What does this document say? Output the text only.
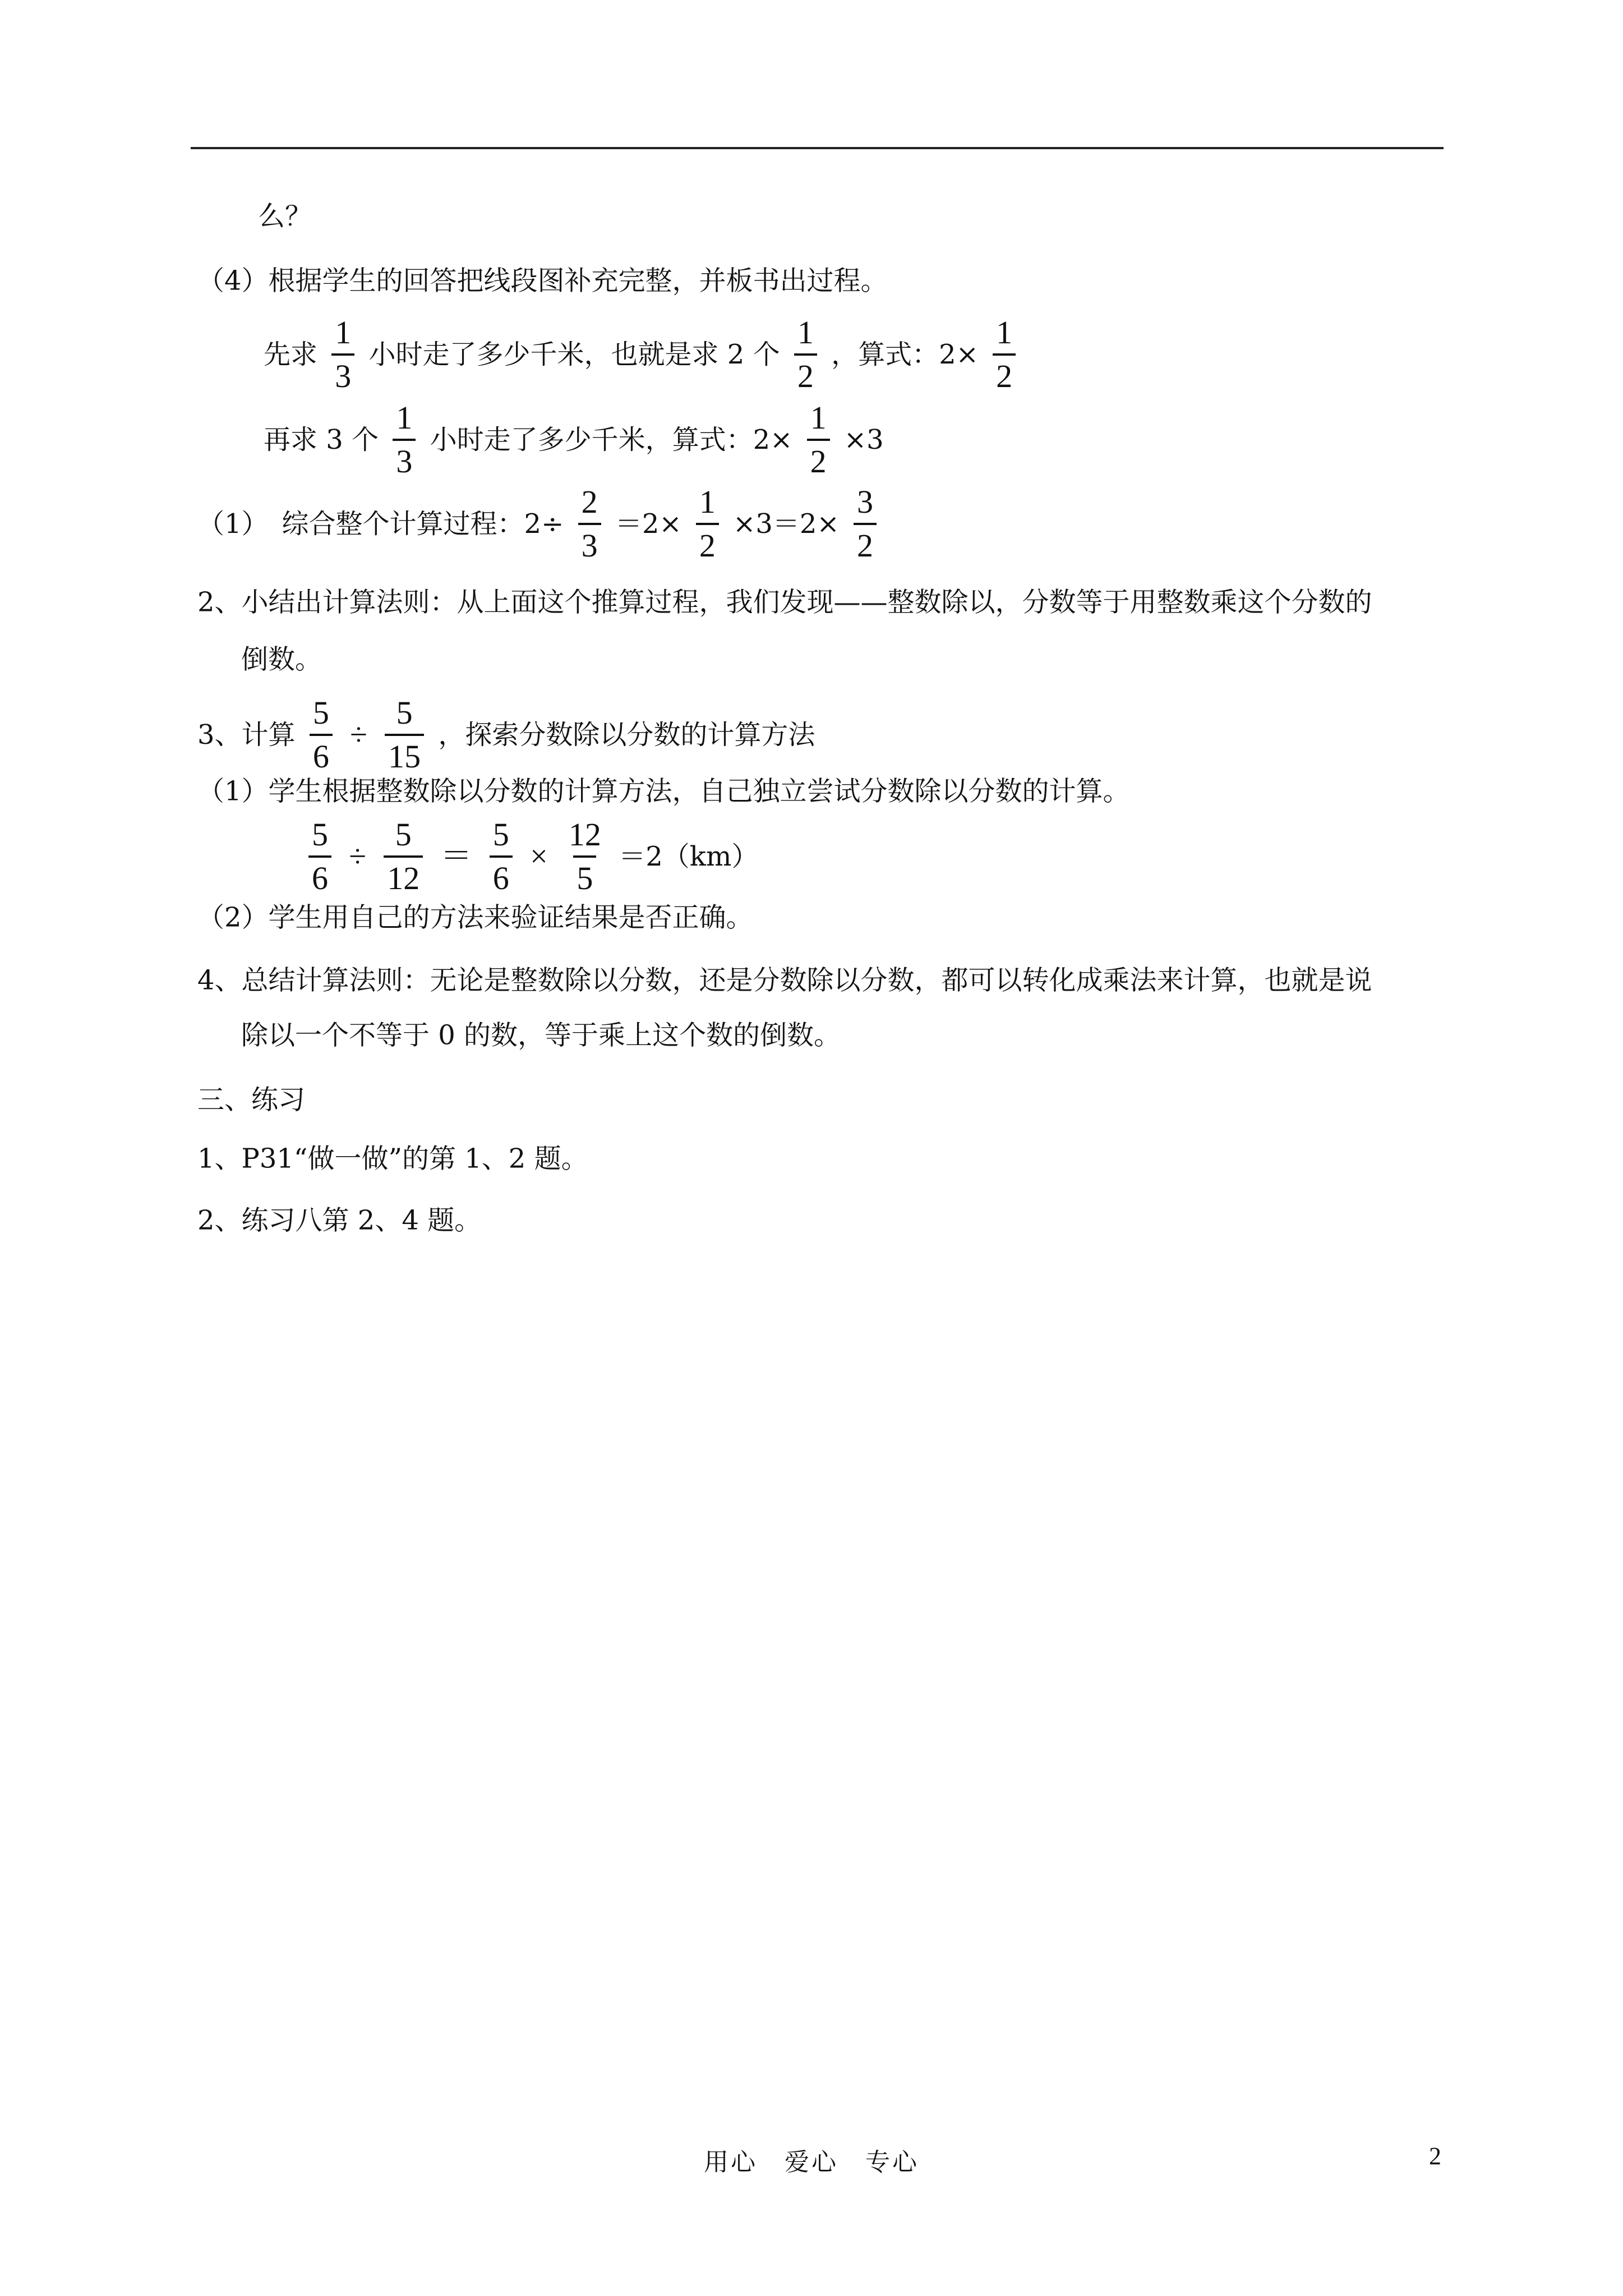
么？
（4）根据学生的回答把线段图补充完整，并板书出过程。
先求 $\frac{1}{3}$ 小时走了多少千米，也就是求 2 个 $\frac{1}{2}$ ，算式：$2\times \frac{1}{2}$
再求 3 个 $\frac{1}{3}$ 小时走了多少千米，算式：$2\times \frac{1}{2} \times 3$
（1）　综合整个计算过程：$2\div \frac{2}{3} =2\times \frac{1}{2} \times 3=2\times \frac{3}{2}$
2、小结出计算法则：从上面这个推算过程，我们发现——整数除以，分数等于用整数乘这个分数的
倒数。
3、计算 $\frac{5}{6} \div \frac{5}{15}$ ，探索分数除以分数的计算方法
（1）学生根据整数除以分数的计算方法，自己独立尝试分数除以分数的计算。
$\frac{5}{6} \div \frac{5}{12} = \frac{5}{6} \times \frac{12}{5} =2(km)$
（2）学生用自己的方法来验证结果是否正确。
4、总结计算法则：无论是整数除以分数，还是分数除以分数，都可以转化成乘法来计算，也就是说
除以一个不等于 0 的数，等于乘上这个数的倒数。
三、练习
1、P31“做一做”的第 1、2 题。
2、练习八第 2、4 题。
用心　爱心　专心	2
